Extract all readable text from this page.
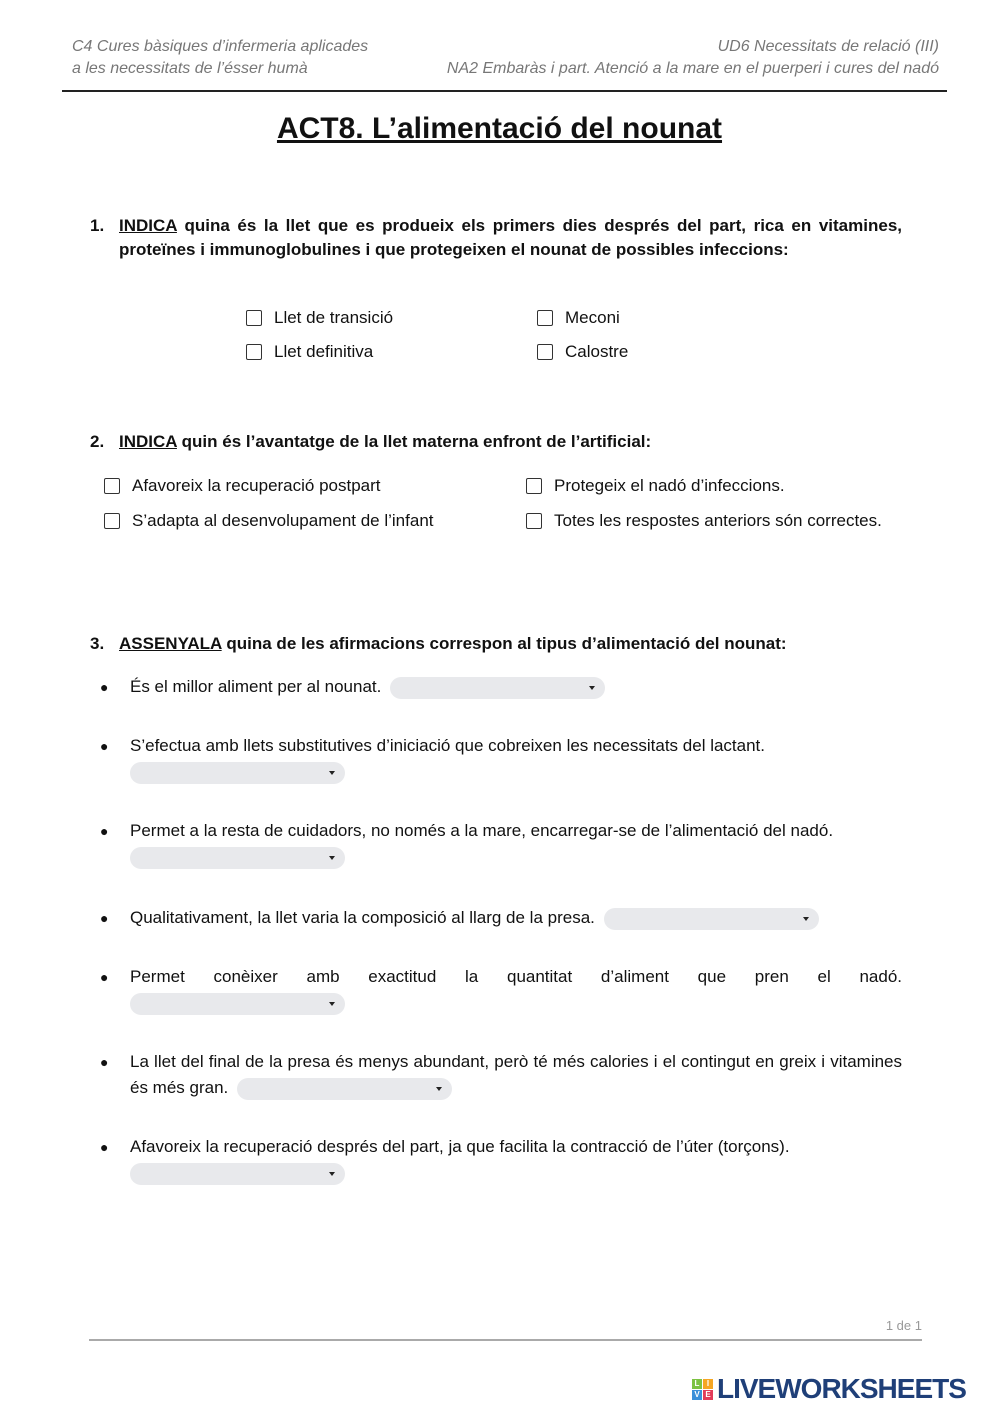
C4 Cures bàsiques d’infermeria aplicades
a les necessitats de l’ésser humà
UD6 Necessitats de relació (III)
NA2 Embaràs i part. Atenció a la mare en el puerperi i cures del nadó
ACT8. L’alimentació del nounat
1. INDICA quina és la llet que es produeix els primers dies després del part, rica en vitamines, proteïnes i immunoglobulines i que protegeixen el nounat de possibles infeccions:
Llet de transició	Meconi
Llet definitiva	Calostre
2. INDICA quin és l’avantatge de la llet materna enfront de l’artificial:
Afavoreix la recuperació postpart	Protegeix el nadó d’infeccions.
S’adapta al desenvolupament de l’infant	Totes les respostes anteriors són correctes.
3. ASSENYALA quina de les afirmacions correspon al tipus d’alimentació del nounat:
● És el millor aliment per al nounat.
● S’efectua amb llets substitutives d’iniciació que cobreixen les necessitats del lactant.

● Permet a la resta de cuidadors, no només a la mare, encarregar-se de l’alimentació del nadó.

● Qualitativament, la llet varia la composició al llarg de la presa.
● Permet conèixer amb exactitud la quantitat d’aliment que pren el nadó.
● La llet del final de la presa és menys abundant, però té més calories i el contingut en greix i vitamines és més gran.
● Afavoreix la recuperació després del part, ja que facilita la contracció de l’úter (torçons).

1 de 1
L I
V E LIVEWORKSHEETS
